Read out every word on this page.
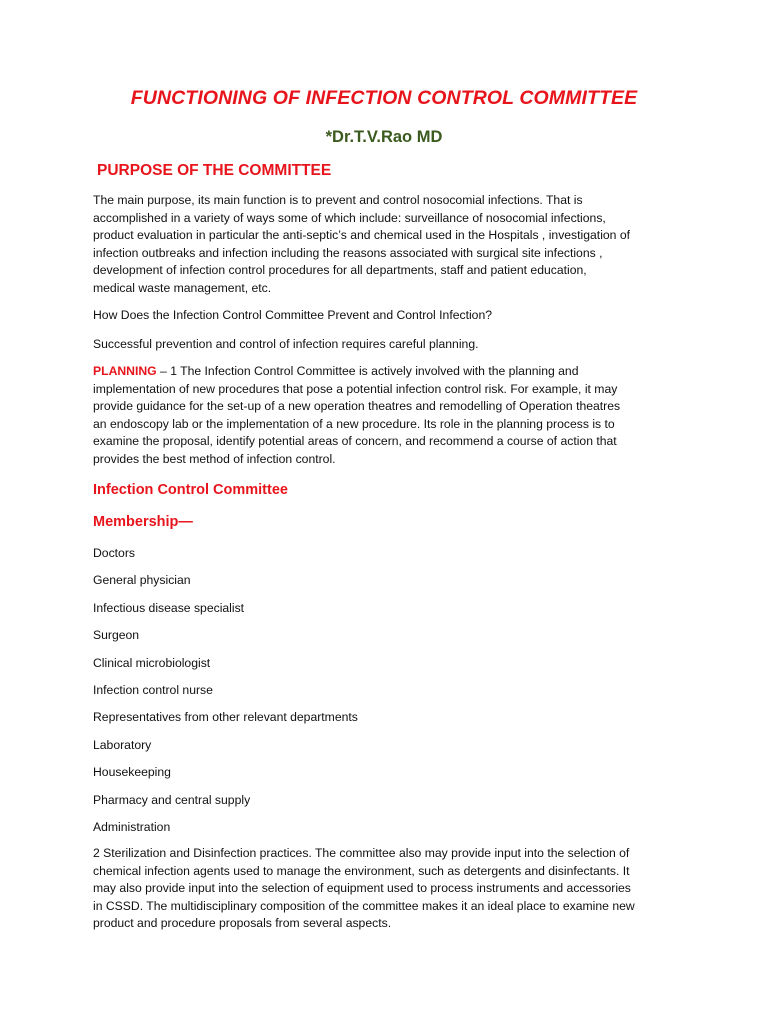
FUNCTIONING OF INFECTION CONTROL COMMITTEE
*Dr.T.V.Rao MD
PURPOSE OF THE COMMITTEE
The main purpose, its main function is to prevent and control nosocomial infections. That is
accomplished in a variety of ways some of which include: surveillance of nosocomial infections,
product evaluation in particular the anti-septic’s and chemical used in the Hospitals , investigation of
infection outbreaks and infection including the reasons associated with surgical site infections ,
development of infection control procedures for all departments, staff and patient education,
medical waste management, etc.
How Does the Infection Control Committee Prevent and Control Infection?
Successful prevention and control of infection requires careful planning.
PLANNING – 1 The Infection Control Committee is actively involved with the planning and
implementation of new procedures that pose a potential infection control risk. For example, it may
provide guidance for the set-up of a new operation theatres and remodelling of Operation theatres
an endoscopy lab or the implementation of a new procedure. Its role in the planning process is to
examine the proposal, identify potential areas of concern, and recommend a course of action that
provides the best method of infection control.
Infection Control Committee
Membership—
Doctors
General physician
Infectious disease specialist
Surgeon
Clinical microbiologist
Infection control nurse
Representatives from other relevant departments
Laboratory
Housekeeping
Pharmacy and central supply
Administration
2 Sterilization and Disinfection practices. The committee also may provide input into the selection of
chemical infection agents used to manage the environment, such as detergents and disinfectants. It
may also provide input into the selection of equipment used to process instruments and accessories
in CSSD. The multidisciplinary composition of the committee makes it an ideal place to examine new
product and procedure proposals from several aspects.
